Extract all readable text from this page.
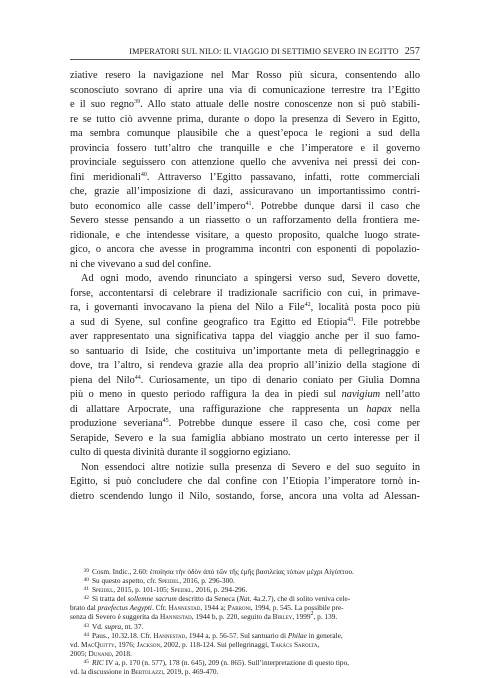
IMPERATORI SUL NILO: IL VIAGGIO DI SETTIMIO SEVERO IN EGITTO 257

ziative resero la navigazione nel Mar Rosso più sicura, consentendo allo
sconosciuto sovrano di aprire una via di comunicazione terrestre tra l’Egitto
e il suo regno$^{39}$. Allo stato attuale delle nostre conoscenze non si può stabili-
re se tutto ciò avvenne prima, durante o dopo la presenza di Severo in Egitto,
ma sembra comunque plausibile che a quest’epoca le regioni a sud della
provincia fossero tutt’altro che tranquille e che l’imperatore e il governo
provinciale seguissero con attenzione quello che avveniva nei pressi dei con-
fini meridionali$^{40}$. Attraverso l’Egitto passavano, infatti, rotte commerciali
che, grazie all’imposizione di dazi, assicuravano un importantissimo contri-
buto economico alle casse dell’impero$^{41}$. Potrebbe dunque darsi il caso che
Severo stesse pensando a un riassetto o un rafforzamento della frontiera me-
ridionale, e che intendesse visitare, a questo proposito, qualche luogo strate-
gico, o ancora che avesse in programma incontri con esponenti di popolazio-
ni che vivevano a sud del confine.

Ad ogni modo, avendo rinunciato a spingersi verso sud, Severo dovette,
forse, accontentarsi di celebrare il tradizionale sacrificio con cui, in primave-
ra, i governanti invocavano la piena del Nilo a File$^{42}$, località posta poco più
a sud di Syene, sul confine geografico tra Egitto ed Etiopia$^{43}$. File potrebbe
aver rappresentato una significativa tappa del viaggio anche per il suo famo-
so santuario di Iside, che costituiva un’importante meta di pellegrinaggio e
dove, tra l’altro, si rendeva grazie alla dea proprio all’inizio della stagione di
piena del Nilo$^{44}$. Curiosamente, un tipo di denario coniato per Giulia Domna
più o meno in questo periodo raffigura la dea in piedi sul navigium nell’atto
di allattare Arpocrate, una raffigurazione che rappresenta un hapax nella
produzione severiana$^{45}$. Potrebbe dunque essere il caso che, così come per
Serapide, Severo e la sua famiglia abbiano mostrato un certo interesse per il
culto di questa divinità durante il soggiorno egiziano.

Non essendoci altre notizie sulla presenza di Severo e del suo seguito in
Egitto, si può concludere che dal confine con l’Etiopia l’imperatore tornò in-
dietro scendendo lungo il Nilo, sostando, forse, ancora una volta ad Alessan-

39 Cosm. Indic., 2.60: ἐποίησα τὴν ὁδὸν ἀπὸ τῶν τῆς ἐμῆς βασιλείας τόπων μέχρι Αἰγύπτου.
40 Su questo aspetto, cfr. Speidel, 2016, p. 296-300.
41 Speidel, 2015, p. 101-105; Speidel, 2016, p. 294-296.
42 Si tratta del sollemne sacrum descritto da Seneca (Nat. 4a.2.7), che di solito veniva cele-
brato dal praefectus Aegypti. Cfr. Hannestad, 1944 a; Parroni, 1994, p. 545. La possibile pre-
senza di Severo è suggerita da Hannestad, 1944 b, p. 220, seguito da Birley, 1999$^2$, p. 139.
43 Vd. supra, nt. 37.
44 Paus., 10.32.18. Cfr. Hannestad, 1944 a, p. 56-57. Sul santuario di Philae in generale,
vd. MacQuitty, 1976; Jackson, 2002, p. 118-124. Sui pellegrinaggi, Takács Sarolta,
2005; Dunand, 2018.
45 RIC IV a, p. 170 (n. 577), 178 (n. 645), 209 (n. 865). Sull’interpretazione di questo tipo,
vd. la discussione in Bertolazzi, 2019, p. 469-470.
